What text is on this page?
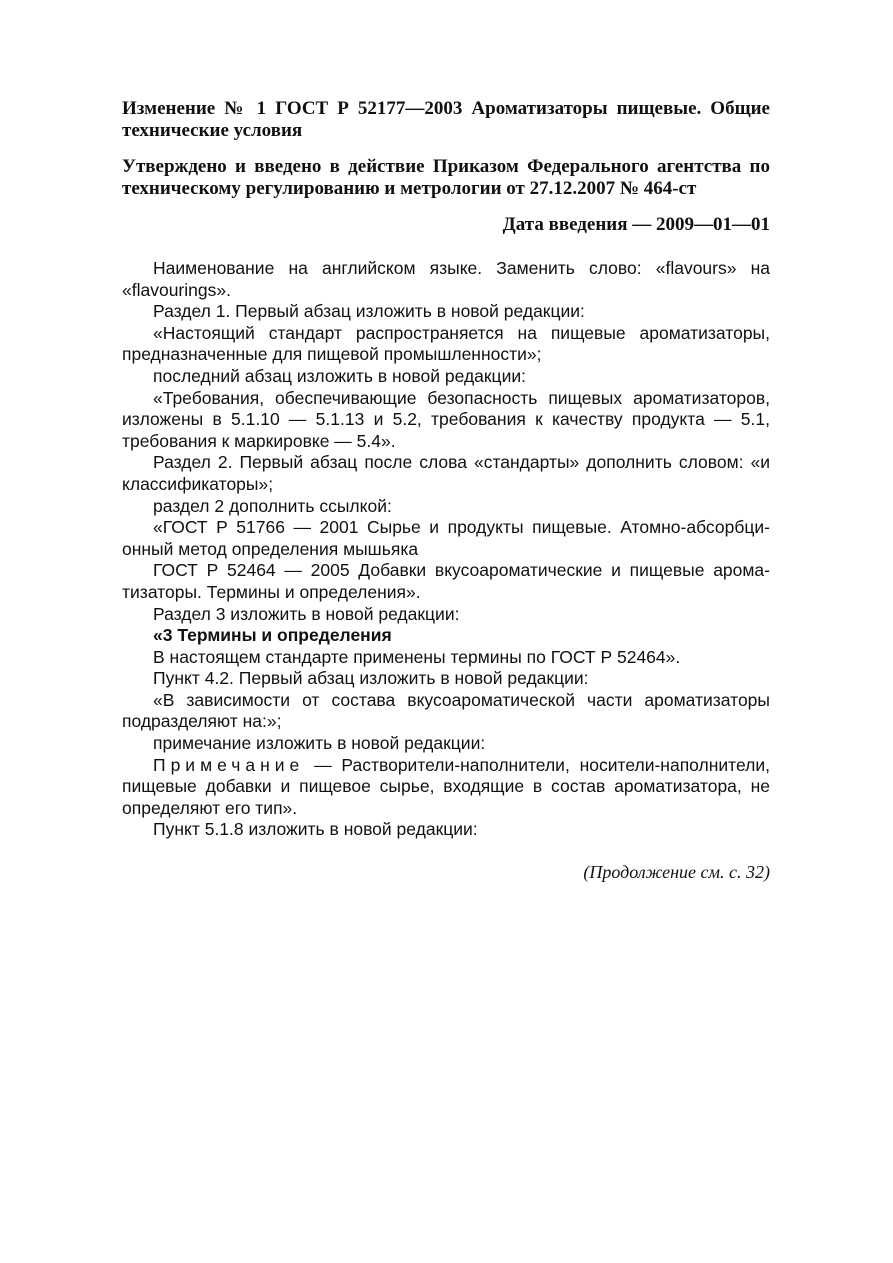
Изменение № 1 ГОСТ Р 52177—2003 Ароматизаторы пищевые. Общие технические условия

Утверждено и введено в действие Приказом Федерального агентства по техническому регулированию и метрологии от 27.12.2007 № 464-ст

Дата введения — 2009—01—01

Наименование на английском языке. Заменить слово: «flavours» на «flavourings».

Раздел 1. Первый абзац изложить в новой редакции:

«Настоящий стандарт распространяется на пищевые ароматизаторы, предназначенные для пищевой промышленности»;

последний абзац изложить в новой редакции:

«Требования, обеспечивающие безопасность пищевых ароматизаторов, изложены в 5.1.10 — 5.1.13 и 5.2, требования к качеству продукта — 5.1, требования к маркировке — 5.4».

Раздел 2. Первый абзац после слова «стандарты» дополнить словом: «и классификаторы»;

раздел 2 дополнить ссылкой:

«ГОСТ Р 51766 — 2001 Сырье и продукты пищевые. Атомно-абсорбционный метод определения мышьяка

ГОСТ Р 52464 — 2005 Добавки вкусоароматические и пищевые ароматизаторы. Термины и определения».

Раздел 3 изложить в новой редакции:

«3 Термины и определения

В настоящем стандарте применены термины по ГОСТ Р 52464».

Пункт 4.2. Первый абзац изложить в новой редакции:

«В зависимости от состава вкусоароматической части ароматизаторы подразделяют на:»;

примечание изложить в новой редакции:

Примечание — Растворители-наполнители, носители-наполнители, пищевые добавки и пищевое сырье, входящие в состав ароматизатора, не определяют его тип».

Пункт 5.1.8 изложить в новой редакции:

(Продолжение см. с. 32)
